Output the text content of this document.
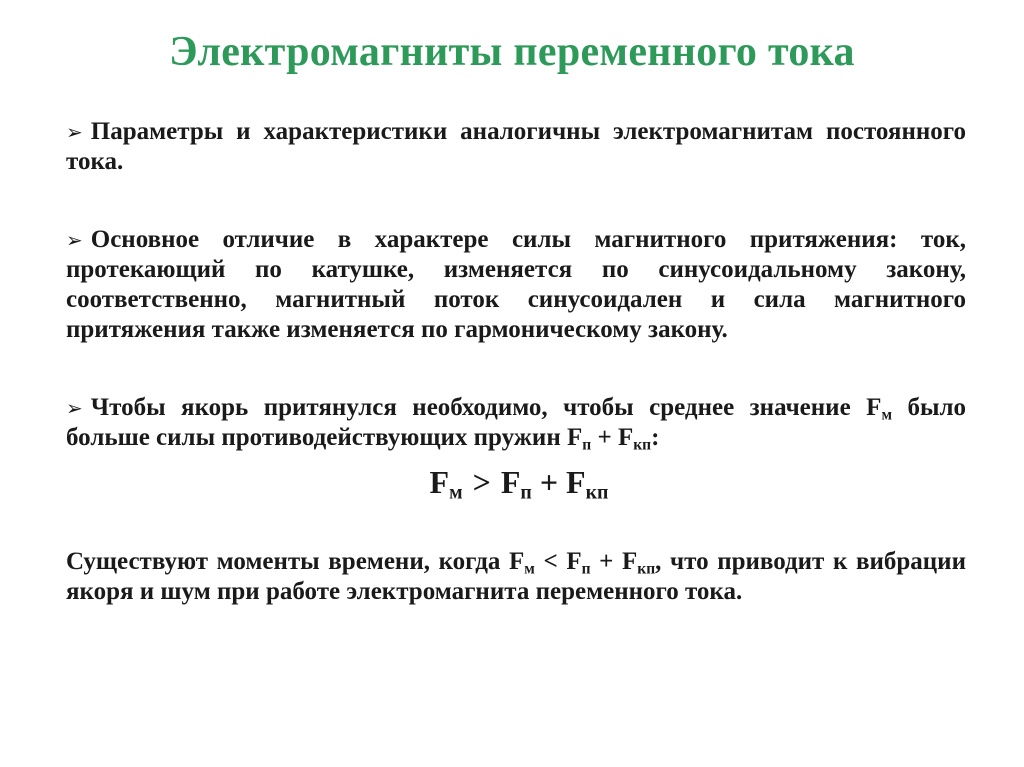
Электромагниты переменного тока

➢ Параметры и характеристики аналогичны электромагнитам постоянного тока.

➢ Основное отличие в характере силы магнитного притяжения: ток, протекающий по катушке, изменяется по синусоидальному закону, соответственно, магнитный поток синусоидален и сила магнитного притяжения также изменяется по гармоническому закону.

➢ Чтобы якорь притянулся необходимо, чтобы среднее значение $F_м$ было больше силы противодействующих пружин $F_п + F_{кп}$:

$F_м > F_п + F_{кп}$

Существуют моменты времени, когда $F_м < F_п + F_{кп}$, что приводит к вибрации якоря и шум при работе электромагнита переменного тока.
